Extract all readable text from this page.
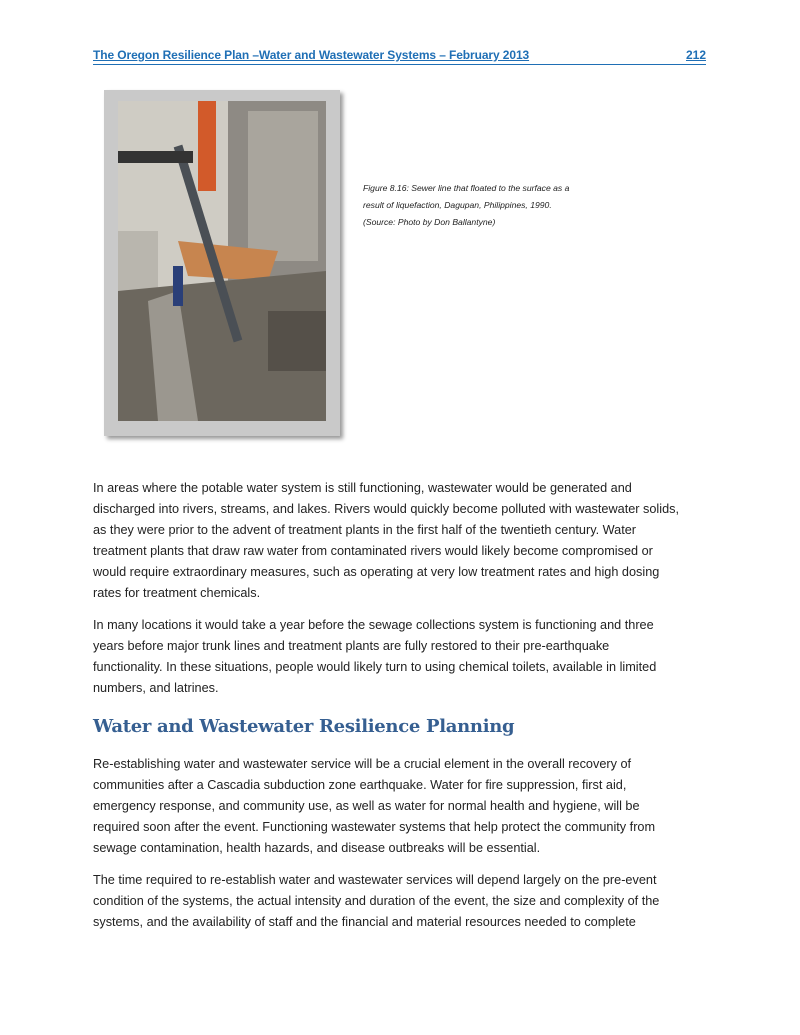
The Oregon Resilience Plan –Water and Wastewater Systems – February 2013	212
Figure 8.16: Sewer line that floated to the surface as a
result of liquefaction, Dagupan, Philippines, 1990.
(Source: Photo by Don Ballantyne)
In areas where the potable water system is still functioning, wastewater would be generated and
discharged into rivers, streams, and lakes. Rivers would quickly become polluted with wastewater solids,
as they were prior to the advent of treatment plants in the first half of the twentieth century. Water
treatment plants that draw raw water from contaminated rivers would likely become compromised or
would require extraordinary measures, such as operating at very low treatment rates and high dosing
rates for treatment chemicals.
In many locations it would take a year before the sewage collections system is functioning and three
years before major trunk lines and treatment plants are fully restored to their pre-earthquake
functionality. In these situations, people would likely turn to using chemical toilets, available in limited
numbers, and latrines.
Water and Wastewater Resilience Planning
Re-establishing water and wastewater service will be a crucial element in the overall recovery of
communities after a Cascadia subduction zone earthquake. Water for fire suppression, first aid,
emergency response, and community use, as well as water for normal health and hygiene, will be
required soon after the event. Functioning wastewater systems that help protect the community from
sewage contamination, health hazards, and disease outbreaks will be essential.
The time required to re-establish water and wastewater services will depend largely on the pre-event
condition of the systems, the actual intensity and duration of the event, the size and complexity of the
systems, and the availability of staff and the financial and material resources needed to complete
